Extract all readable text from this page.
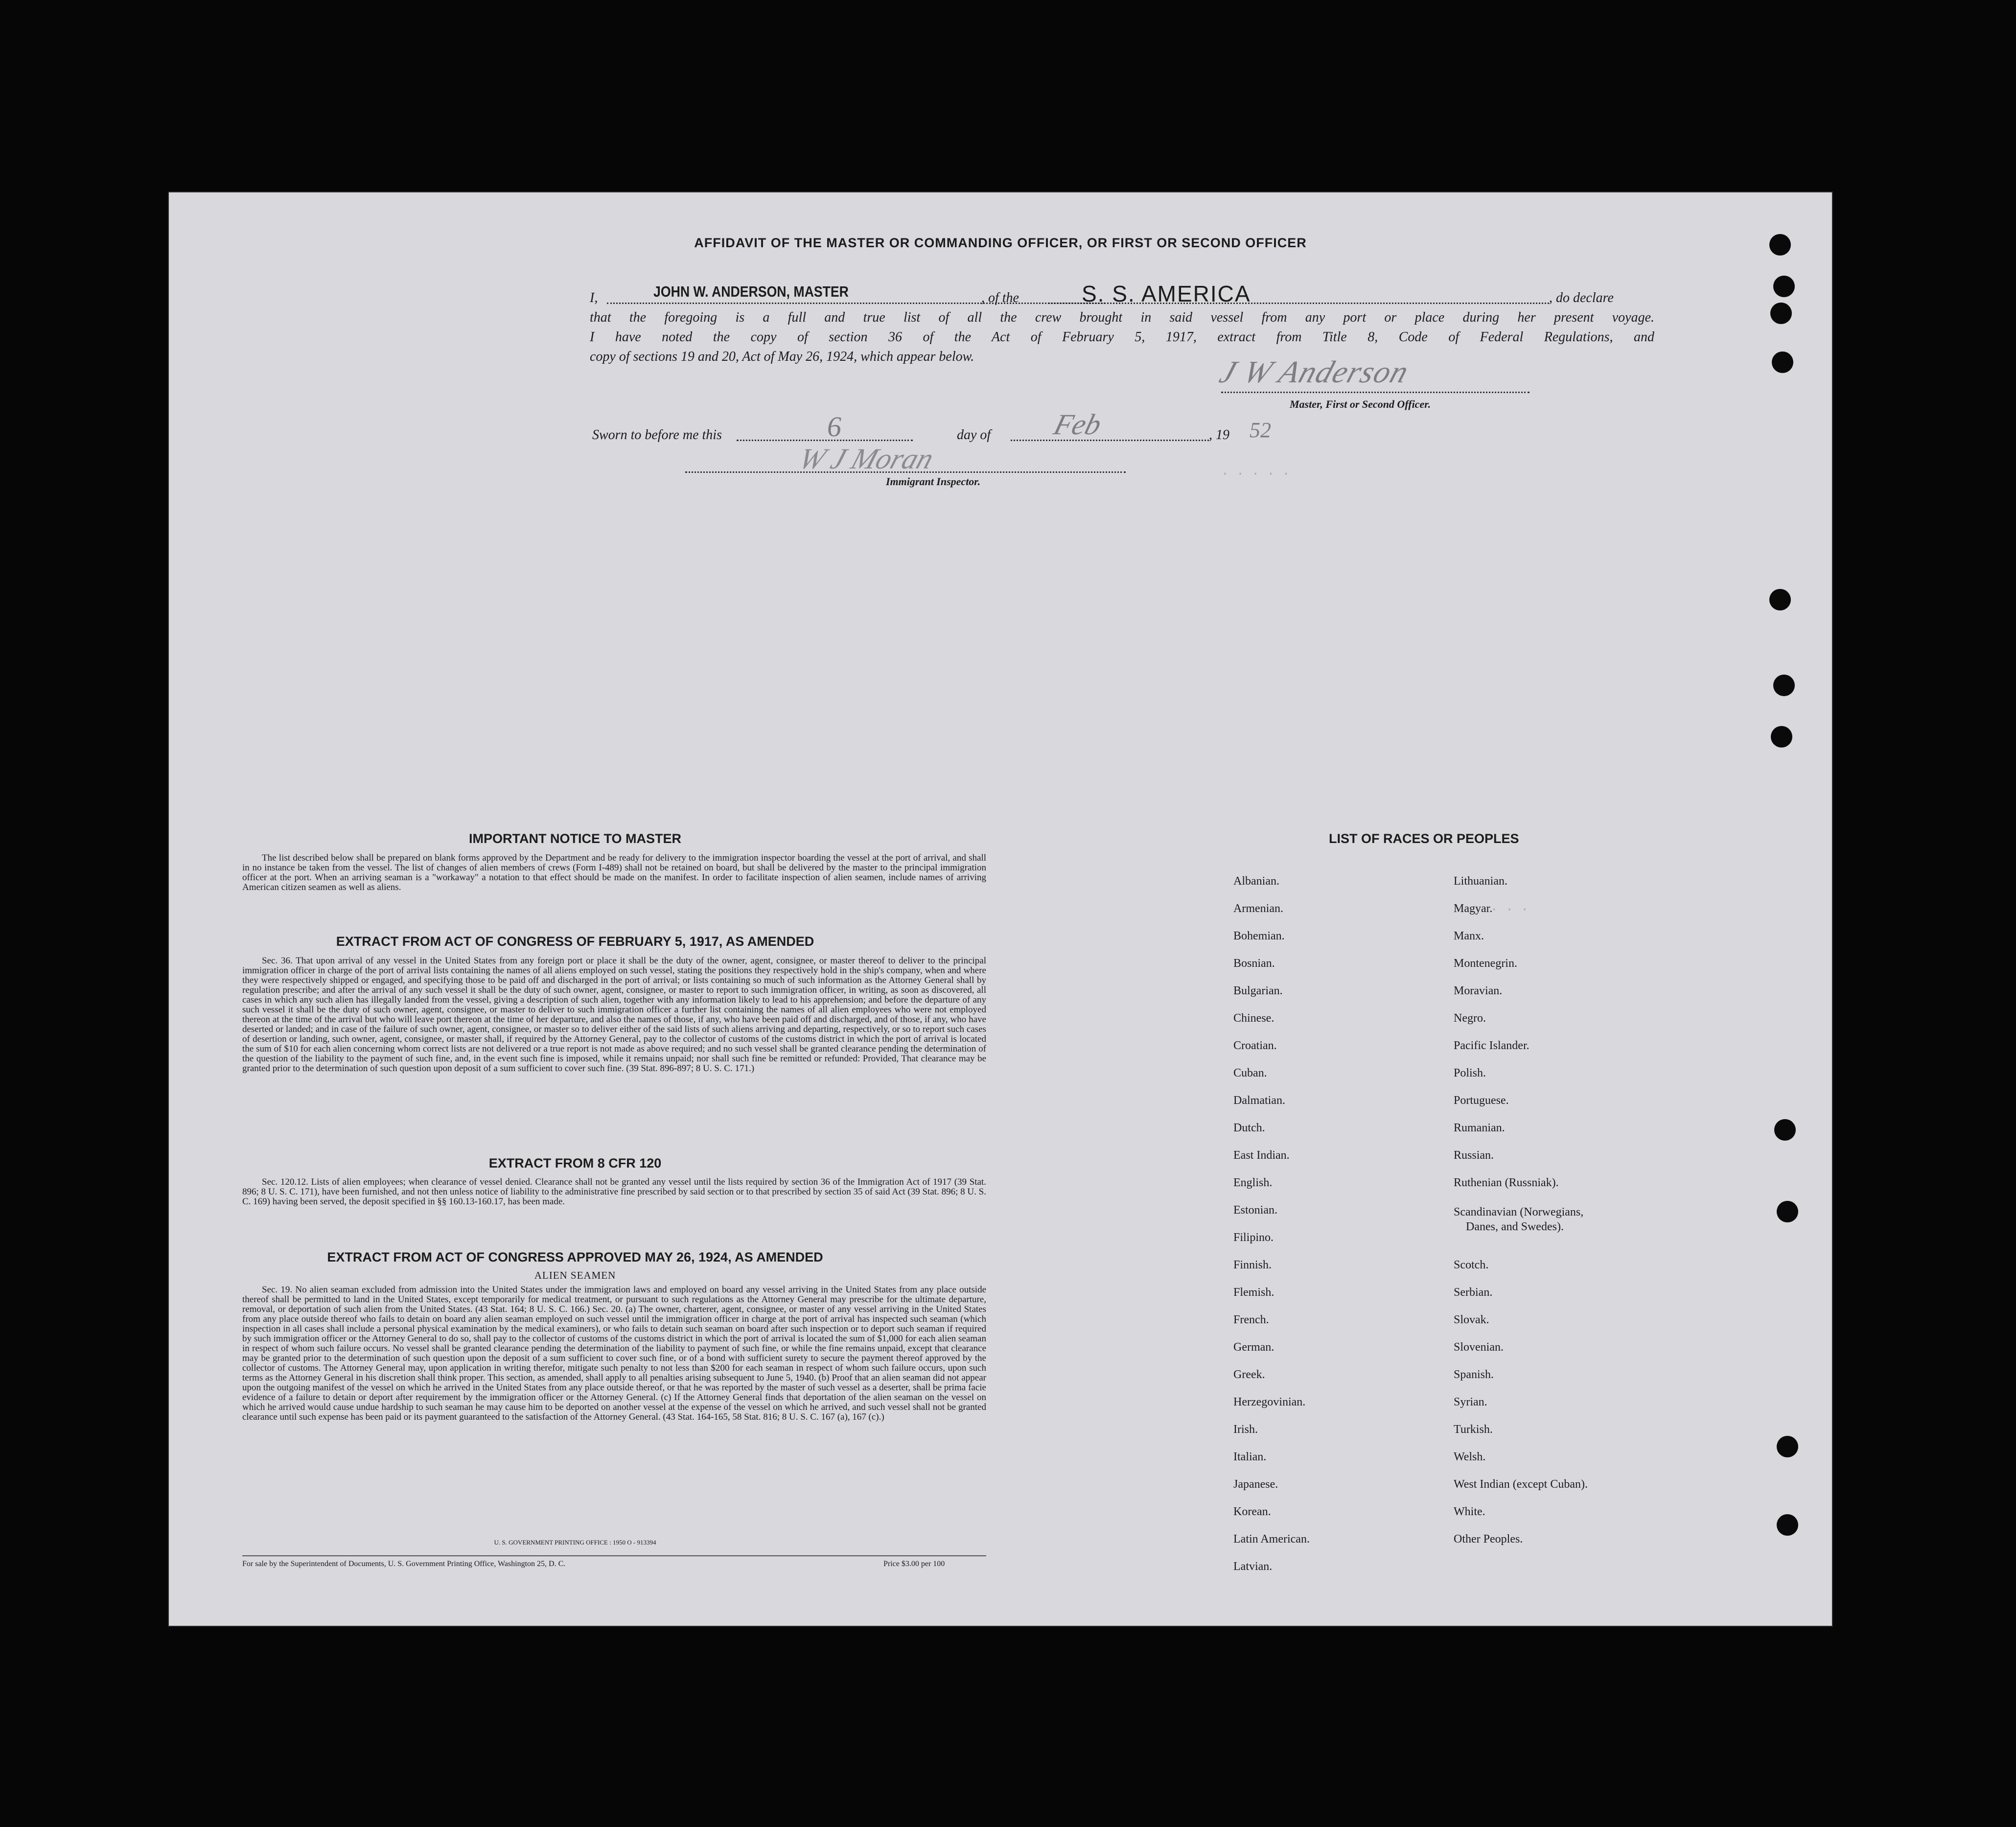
· · · · ·
· · ·
AFFIDAVIT OF THE MASTER OR COMMANDING OFFICER, OR FIRST OR SECOND OFFICER
I,	JOHN W. ANDERSON, MASTER	, of the	S. S. AMERICA	, do declare
that the foregoing is a full and true list of all the crew brought in said vessel from any port or place during her present voyage.
I have noted the copy of section 36 of the Act of February 5, 1917, extract from Title 8, Code of Federal Regulations, and
copy of sections 19 and 20, Act of May 26, 1924, which appear below.	J W Anderson
Master, First or Second Officer.
Sworn to before me this	6	day of Feb	, 19 52
W J Moran
Immigrant Inspector.
IMPORTANT NOTICE TO MASTER
The list described below shall be prepared on blank forms approved by the Department and be ready for delivery to the immigration inspector boarding the vessel at the port of arrival, and shall in no instance be taken from the vessel. The list of changes of alien members of crews (Form I-489) shall not be retained on board, but shall be delivered by the master to the principal immigration officer at the port. When an arriving seaman is a "workaway" a notation to that effect should be made on the manifest. In order to facilitate inspection of alien seamen, include names of arriving American citizen seamen as well as aliens.
EXTRACT FROM ACT OF CONGRESS OF FEBRUARY 5, 1917, AS AMENDED
Sec. 36. That upon arrival of any vessel in the United States from any foreign port or place it shall be the duty of the owner, agent, consignee, or master thereof to deliver to the principal immigration officer in charge of the port of arrival lists containing the names of all aliens employed on such vessel, stating the positions they respectively hold in the ship's company, when and where they were respectively shipped or engaged, and specifying those to be paid off and discharged in the port of arrival; or lists containing so much of such information as the Attorney General shall by regulation prescribe; and after the arrival of any such vessel it shall be the duty of such owner, agent, consignee, or master to report to such immigration officer, in writing, as soon as discovered, all cases in which any such alien has illegally landed from the vessel, giving a description of such alien, together with any information likely to lead to his apprehension; and before the departure of any such vessel it shall be the duty of such owner, agent, consignee, or master to deliver to such immigration officer a further list containing the names of all alien employees who were not employed thereon at the time of the arrival but who will leave port thereon at the time of her departure, and also the names of those, if any, who have been paid off and discharged, and of those, if any, who have deserted or landed; and in case of the failure of such owner, agent, consignee, or master so to deliver either of the said lists of such aliens arriving and departing, respectively, or so to report such cases of desertion or landing, such owner, agent, consignee, or master shall, if required by the Attorney General, pay to the collector of customs of the customs district in which the port of arrival is located the sum of $10 for each alien concerning whom correct lists are not delivered or a true report is not made as above required; and no such vessel shall be granted clearance pending the determination of the question of the liability to the payment of such fine, and, in the event such fine is imposed, while it remains unpaid; nor shall such fine be remitted or refunded: Provided, That clearance may be granted prior to the determination of such question upon deposit of a sum sufficient to cover such fine. (39 Stat. 896-897; 8 U. S. C. 171.)
EXTRACT FROM 8 CFR 120
Sec. 120.12. Lists of alien employees; when clearance of vessel denied. Clearance shall not be granted any vessel until the lists required by section 36 of the Immigration Act of 1917 (39 Stat. 896; 8 U. S. C. 171), have been furnished, and not then unless notice of liability to the administrative fine prescribed by said section or to that prescribed by section 35 of said Act (39 Stat. 896; 8 U. S. C. 169) having been served, the deposit specified in §§ 160.13-160.17, has been made.
EXTRACT FROM ACT OF CONGRESS APPROVED MAY 26, 1924, AS AMENDED
ALIEN SEAMEN
Sec. 19. No alien seaman excluded from admission into the United States under the immigration laws and employed on board any vessel arriving in the United States from any place outside thereof shall be permitted to land in the United States, except temporarily for medical treatment, or pursuant to such regulations as the Attorney General may prescribe for the ultimate departure, removal, or deportation of such alien from the United States. (43 Stat. 164; 8 U. S. C. 166.) Sec. 20. (a) The owner, charterer, agent, consignee, or master of any vessel arriving in the United States from any place outside thereof who fails to detain on board any alien seaman employed on such vessel until the immigration officer in charge at the port of arrival has inspected such seaman (which inspection in all cases shall include a personal physical examination by the medical examiners), or who fails to detain such seaman on board after such inspection or to deport such seaman if required by such immigration officer or the Attorney General to do so, shall pay to the collector of customs of the customs district in which the port of arrival is located the sum of $1,000 for each alien seaman in respect of whom such failure occurs. No vessel shall be granted clearance pending the determination of the liability to payment of such fine, or while the fine remains unpaid, except that clearance may be granted prior to the determination of such question upon the deposit of a sum sufficient to cover such fine, or of a bond with sufficient surety to secure the payment thereof approved by the collector of customs. The Attorney General may, upon application in writing therefor, mitigate such penalty to not less than $200 for each seaman in respect of whom such failure occurs, upon such terms as the Attorney General in his discretion shall think proper. This section, as amended, shall apply to all penalties arising subsequent to June 5, 1940. (b) Proof that an alien seaman did not appear upon the outgoing manifest of the vessel on which he arrived in the United States from any place outside thereof, or that he was reported by the master of such vessel as a deserter, shall be prima facie evidence of a failure to detain or deport after requirement by the immigration officer or the Attorney General. (c) If the Attorney General finds that deportation of the alien seaman on the vessel on which he arrived would cause undue hardship to such seaman he may cause him to be deported on another vessel at the expense of the vessel on which he arrived, and such vessel shall not be granted clearance until such expense has been paid or its payment guaranteed to the satisfaction of the Attorney General. (43 Stat. 164-165, 58 Stat. 816; 8 U. S. C. 167 (a), 167 (c).)
U. S. GOVERNMENT PRINTING OFFICE : 1950 O - 913394
For sale by the Superintendent of Documents, U. S. Government Printing Office, Washington 25, D. C.	Price $3.00 per 100
LIST OF RACES OR PEOPLES
Albanian.
Armenian.
Bohemian.
Bosnian.
Bulgarian.
Chinese.
Croatian.
Cuban.
Dalmatian.
Dutch.
East Indian.
English.
Estonian.
Filipino.
Finnish.
Flemish.
French.
German.
Greek.
Herzegovinian.
Irish.
Italian.
Japanese.
Korean.
Latin American.
Latvian.
Lithuanian.
Magyar.
Manx.
Montenegrin.
Moravian.
Negro.
Pacific Islander.
Polish.
Portuguese.
Rumanian.
Russian.
Ruthenian (Russniak).
Scandinavian (Norwegians,
Danes, and Swedes).
Scotch.
Serbian.
Slovak.
Slovenian.
Spanish.
Syrian.
Turkish.
Welsh.
West Indian (except Cuban).
White.
Other Peoples.
